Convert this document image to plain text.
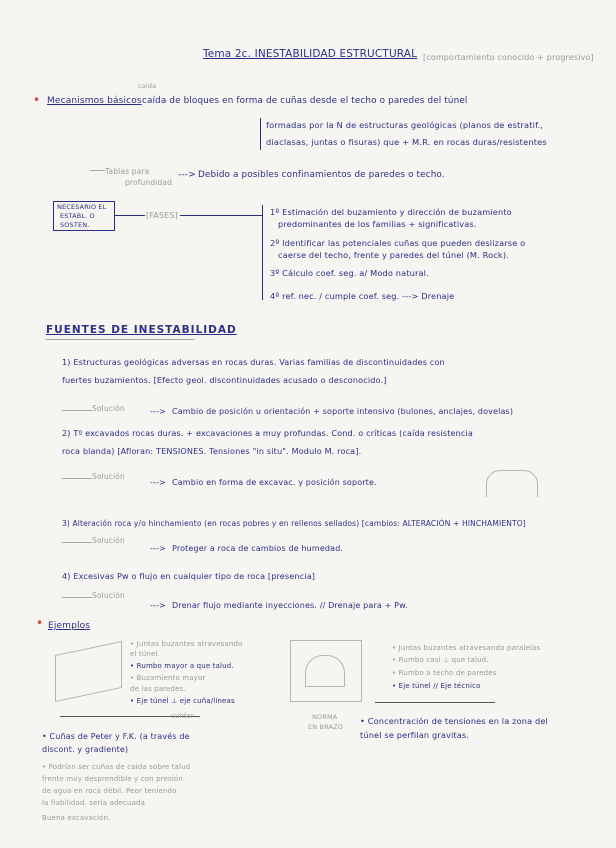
Tema 2c. INESTABILIDAD ESTRUCTURAL [comportamiento conocido + progresivo]
• Mecanismos básicos
caída
caída de bloques en forma de cuñas desde el techo o paredes del túnel
formadas por la N de estructuras geológicas (planos de estratif.,
diaclasas, juntas o fisuras) que + M.R. en rocas duras/resistentes
Tablas para
profundidad
---> Debido a posibles confinamientos de paredes o techo.
NECESARIO EL
ESTABL. O
SOSTEN.
[FASES]	1º Estimación del buzamiento y dirección de buzamiento
predominantes de los familias + significativas.
2º Identificar las potenciales cuñas que pueden deslizarse o
caerse del techo, frente y paredes del túnel (M. Rock).
3º Cálculo coef. seg. a/ Modo natural.
4º ref. nec. / cumple coef. seg. ---> Drenaje
FUENTES DE INESTABILIDAD
1) Estructuras geológicas adversas en rocas duras. Varias familias de discontinuidades con
fuertes buzamientos. [Efecto geol. discontinuidades acusado o desconocido.]
Solución	---> Cambio de posición u orientación + soporte intensivo (bulones, anclajes, dovelas)
2) Tº excavados rocas duras. + excavaciones a muy profundas. Cond. o críticas (caída resistencia
roca blanda) [Afloran: TENSIONES. Tensiones "in situ". Modulo M. roca].
Solución
---> Cambio en forma de excavac. y posición soporte.
3) Alteración roca y/o hinchamiento (en rocas pobres y en rellenos sellados) [cambios: ALTERACIÓN + HINCHAMIENTO]
Solución
---> Proteger a roca de cambios de humedad.
4) Excesivas Pw o flujo en cualquier tipo de roca [presencia]
Solución
---> Drenar flujo mediante inyecciones. // Drenaje para + Pw.
• Ejemplos
• Juntas buzantes atravesando
el túnel.
• Rumbo mayor a que talud.
• Buzamiento mayor
de las paredes.
• Eje túnel ⊥ eje cuña/lineas
cuidar
• Cuñas de Peter y F.K. (a través de
discont. y gradiente)
• Podrían ser cuñas de caída sobre talud
frente muy desprendible y con presión
de agua en roca débil. Peor teniendo
la fiabilidad. sería adecuada
Buena excavación.
NORMA
EN BRAZO
• Juntas buzantes atravesando paralelas
• Rumbo casi ⊥ que talud.
• Rumbo a techo de paredes
• Eje túnel // Eje técnico
• Concentración de tensiones en la zona del
túnel se perfilan gravitas.
